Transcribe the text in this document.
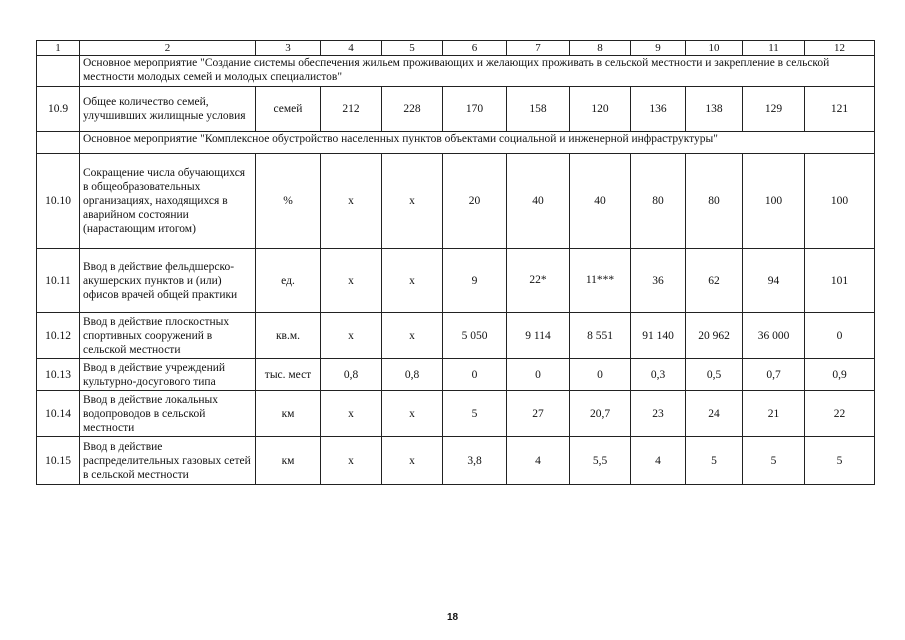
1	2	3	4	5	6	7	8	9	10	11	12
	Основное мероприятие "Создание системы обеспечения жильем проживающих и желающих проживать в сельской местности и закрепление в сельской местности молодых семей и молодых специалистов"										
10.9	Общее количество семей, улучшивших жилищные условия	семей	212	228	170	158	120	136	138	129	121
	Основное мероприятие "Комплексное обустройство населенных пунктов объектами социальной и инженерной инфраструктуры"										
10.10	Сокращение числа обучающихся в общеобразовательных организациях, находящихся в аварийном состоянии (нарастающим итогом)	%	х	х	20	40	40	80	80	100	100
10.11	Ввод в действие фельдшерско-акушерских пунктов и (или) офисов врачей общей практики	ед.	х	х	9	22*	11***	36	62	94	101
10.12	Ввод в действие плоскостных спортивных сооружений в сельской местности	кв.м.	х	х	5 050	9 114	8 551	91 140	20 962	36 000	0
10.13	Ввод в действие учреждений культурно-досугового типа	тыс. мест	0,8	0,8	0	0	0	0,3	0,5	0,7	0,9
10.14	Ввод в действие локальных водопроводов в сельской местности	км	х	х	5	27	20,7	23	24	21	22
10.15	Ввод в действие распределительных газовых сетей в сельской местности	км	х	х	3,8	4	5,5	4	5	5	5
18
